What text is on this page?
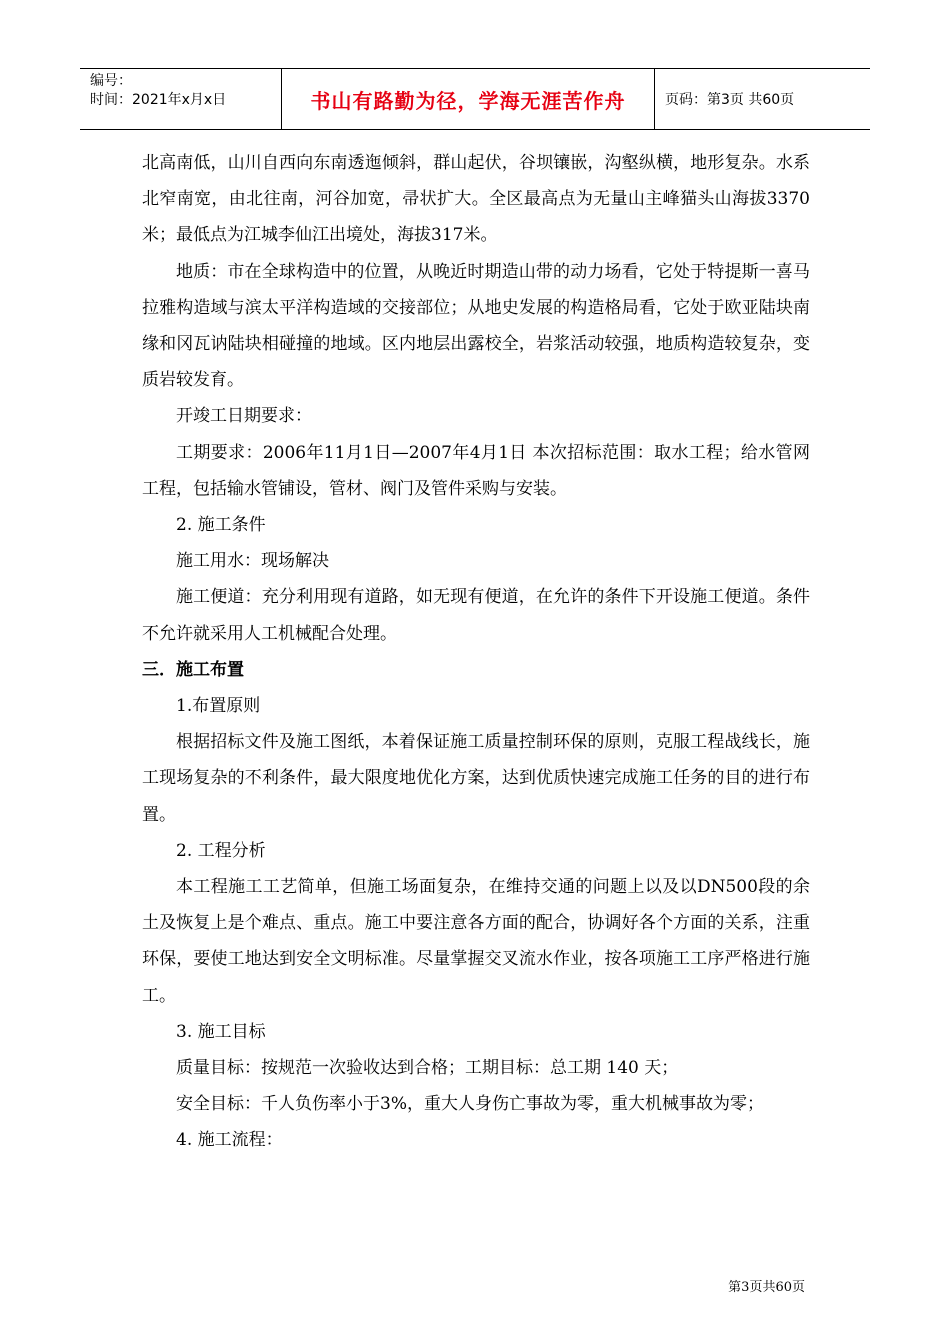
编号：
时间：2021年x月x日	书山有路勤为径，学海无涯苦作舟	页码：第3页 共60页

北高南低，山川自西向东南透迤倾斜，群山起伏，谷坝镶嵌，沟壑纵横，地形复杂。水系北窄南宽，由北往南，河谷加宽，帚状扩大。全区最高点为无量山主峰猫头山海拔3370米；最低点为江城李仙江出境处，海拔317米。

地质：市在全球构造中的位置，从晚近时期造山带的动力场看，它处于特提斯一喜马拉雅构造域与滨太平洋构造域的交接部位；从地史发展的构造格局看，它处于欧亚陆块南缘和冈瓦讷陆块相碰撞的地域。区内地层出露校全，岩浆活动较强，地质构造较复杂，变质岩较发育。

开竣工日期要求：

工期要求：2006年11月1日—2007年4月1日 本次招标范围：取水工程；给水管网工程，包括输水管铺设，管材、阀门及管件采购与安装。

2. 施工条件

施工用水：现场解决

施工便道：充分利用现有道路，如无现有便道，在允许的条件下开设施工便道。条件不允许就采用人工机械配合处理。

三．施工布置

1.布置原则

根据招标文件及施工图纸，本着保证施工质量控制环保的原则，克服工程战线长，施工现场复杂的不利条件，最大限度地优化方案，达到优质快速完成施工任务的目的进行布置。

2. 工程分析

本工程施工工艺简单，但施工场面复杂，在维持交通的问题上以及以DN500段的余土及恢复上是个难点、重点。施工中要注意各方面的配合，协调好各个方面的关系，注重环保，要使工地达到安全文明标准。尽量掌握交叉流水作业，按各项施工工序严格进行施工。

3. 施工目标

质量目标：按规范一次验收达到合格；工期目标：总工期 140 天；

安全目标：千人负伤率小于3%，重大人身伤亡事故为零，重大机械事故为零；

4. 施工流程：

第3页共60页
